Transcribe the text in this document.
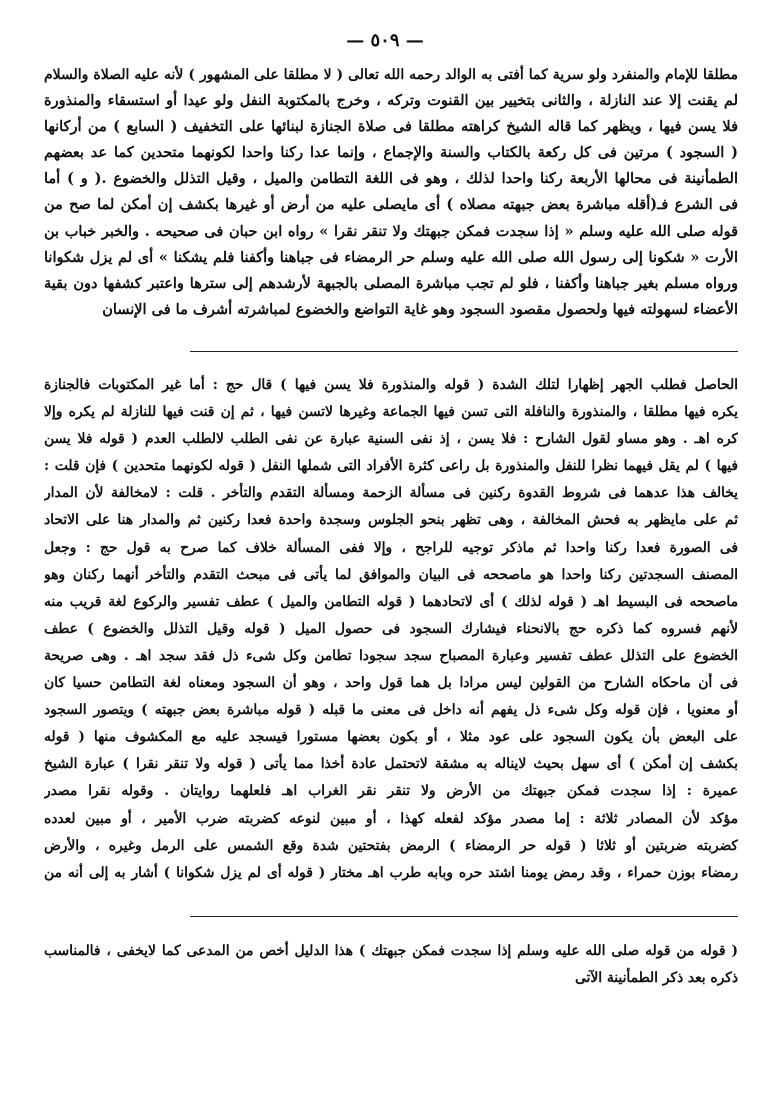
— ٥٠٩ —
مطلقا للإمام والمنفرد ولو سرية كما أفتى به الوالد رحمه الله تعالى ( لا مطلقا على المشهور ) لأنه عليه الصلاة والسلام
لم يقنت إلا عند النازلة ، والثانى بتخيير بين القنوت وتركه ، وخرج بالمكتوبة النفل ولو عيدا أو استسقاء والمنذورة
فلا يسن فيها ، ويظهر كما قاله الشيخ كراهته مطلقا فى صلاة الجنازة لبنائها على التخفيف ( السابع ) من أركانها
( السجود ) مرتين فى كل ركعة بالكتاب والسنة والإجماع ، وإنما عدا ركنا واحدا لكونهما متحدين كما عد بعضهم
الطمأنينة فى محالها الأربعة ركنا واحدا لذلك ، وهو فى اللغة التطامن والميل ، وقيل التذلل والخضوع .( و ) أما
فى الشرع فـ(أقله مباشرة بعض جبهته مصلاه ) أى مايصلى عليه من أرض أو غيرها بكشف إن أمكن لما صح من
قوله صلى الله عليه وسلم « إذا سجدت فمكن جبهتك ولا تنقر نقرا » رواه ابن حبان فى صحيحه . والخبر خباب بن
الأرت « شكونا إلى رسول الله صلى الله عليه وسلم حر الرمضاء فى جباهنا وأكفنا فلم يشكنا » أى لم يزل شكوانا
ورواه مسلم بغير جباهنا وأكفنا ، فلو لم تجب مباشرة المصلى بالجبهة لأرشدهم إلى سترها واعتبر كشفها دون بقية
الأعضاء لسهولته فيها ولحصول مقصود السجود وهو غاية التواضع والخضوع لمباشرته أشرف ما فى الإنسان
الحاصل فطلب الجهر إظهارا لتلك الشدة ( قوله والمنذورة فلا يسن فيها ) قال حج : أما غير المكتوبات فالجنازة
يكره فيها مطلقا ، والمنذورة والنافلة التى تسن فيها الجماعة وغيرها لاتسن فيها ، ثم إن قنت فيها للنازلة لم يكره وإلا
كره اهـ . وهو مساو لقول الشارح : فلا يسن ، إذ نفى السنية عبارة عن نفى الطلب لالطلب العدم ( قوله فلا يسن
فيها ) لم يقل فيهما نظرا للنفل والمنذورة بل راعى كثرة الأفراد التى شملها النفل ( قوله لكونهما متحدين ) فإن قلت :
يخالف هذا عدهما فى شروط القدوة ركنين فى مسألة الزحمة ومسألة التقدم والتأخر . قلت : لامخالفة لأن المدار
ثم على مايظهر به فحش المخالفة ، وهى تظهر بنحو الجلوس وسجدة واحدة فعدا ركنين ثم والمدار هنا على الاتحاد
فى الصورة فعدا ركنا واحدا ثم ماذكر توجيه للراجح ، وإلا ففى المسألة خلاف كما صرح به قول حج : وجعل
المصنف السجدتين ركنا واحدا هو ماصححه فى البيان والموافق لما يأتى فى مبحث التقدم والتأخر أنهما ركنان وهو
ماصححه فى البسيط اهـ ( قوله لذلك ) أى لاتحادهما ( قوله التطامن والميل ) عطف تفسير والركوع لغة قريب منه
لأنهم فسروه كما ذكره حج بالانحناء فيشارك السجود فى حصول الميل ( قوله وقيل التذلل والخضوع ) عطف
الخضوع على التذلل عطف تفسير وعبارة المصباح سجد سجودا تطامن وكل شىء ذل فقد سجد اهـ . وهى صريحة
فى أن ماحكاه الشارح من القولين ليس مرادا بل هما قول واحد ، وهو أن السجود ومعناه لغة التطامن حسيا كان
أو معنويا ، فإن قوله وكل شىء ذل يفهم أنه داخل فى معنى ما قبله ( قوله مباشرة بعض جبهته ) ويتصور السجود
على البعض بأن يكون السجود على عود مثلا ، أو بكون بعضها مستورا فيسجد عليه مع المكشوف منها ( قوله
بكشف إن أمكن ) أى سهل بحيث لايناله به مشقة لاتحتمل عادة أخذا مما يأتى ( قوله ولا تنقر نقرا ) عبارة الشيخ
عميرة : إذا سجدت فمكن جبهتك من الأرض ولا تنقر نقر الغراب اهـ فلعلهما روايتان . وقوله نقرا مصدر
مؤكد لأن المصادر ثلاثة : إما مصدر مؤكد لفعله كهذا ، أو مبين لنوعه كضربته ضرب الأمير ، أو مبين لعدده
كضربته ضربتين أو ثلاثا ( قوله حر الرمضاء ) الرمض بفتحتين شدة وقع الشمس على الرمل وغيره ، والأرض
رمضاء بوزن حمراء ، وقد رمض يومنا اشتد حره وبابه طرب اهـ مختار ( قوله أى لم يزل شكوانا ) أشار به إلى أنه من
( قوله من قوله صلى الله عليه وسلم إذا سجدت فمكن جبهتك ) هذا الدليل أخص من المدعى كما لايخفى ، فالمناسب
ذكره بعد ذكر الطمأنينة الآتى
